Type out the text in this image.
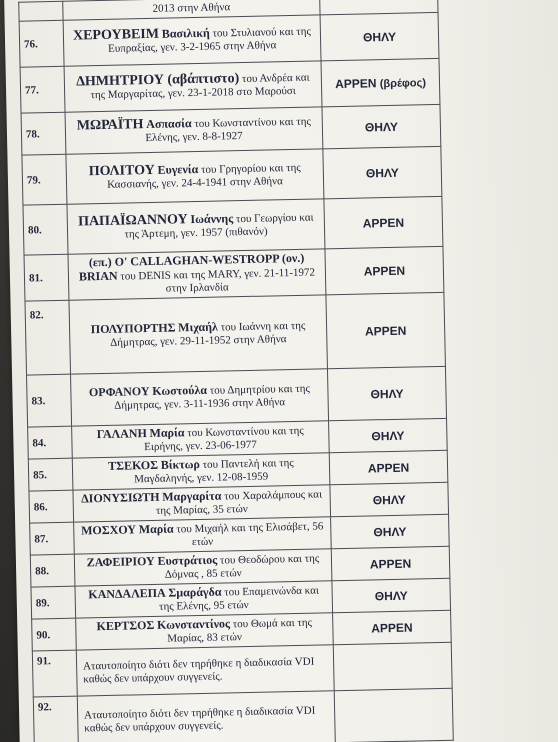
	2013 στην Αθήνα	
76.	ΧΕΡΟΥΒΕΙΜ Βασιλική του Στυλιανού και της Ευπραξίας, γεν. 3-2-1965 στην Αθήνα	ΘΗΛΥ
77.	ΔΗΜΗΤΡΙΟΥ (αβάπτιστο) του Ανδρέα και της Μαργαρίτας, γεν. 23-1-2018 στο Μαρούσι	ΑΡΡΕΝ (βρέφος)
78.	ΜΩΡΑΪΤΗ Ασπασία του Κωνσταντίνου και της Ελένης, γεν. 8-8-1927	ΘΗΛΥ
79.	ΠΟΛΙΤΟΥ Ευγενία του Γρηγορίου και της Κασσιανής, γεν. 24-4-1941 στην Αθήνα	ΘΗΛΥ
80.	ΠΑΠΑΪΩΑΝΝΟΥ Ιωάννης του Γεωργίου και της Άρτεμη, γεν. 1957 (πιθανόν)	ΑΡΡΕΝ
81.	(επ.) Ο' CALLAGHAN-WESTROPP (ον.) BRIAN του DENIS και της MARY, γεν. 21-11-1972 στην Ιρλανδία	ΑΡΡΕΝ
82.	ΠΟΛΥΠΟΡΤΗΣ Μιχαήλ του Ιωάννη και της Δήμητρας, γεν. 29-11-1952 στην Αθήνα	ΑΡΡΕΝ
83.	ΟΡΦΑΝΟΥ Κωστούλα του Δημητρίου και της Δήμητρας, γεν. 3-11-1936 στην Αθήνα	ΘΗΛΥ
84.	ΓΑΛΑΝΗ Μαρία του Κωνσταντίνου και της Ειρήνης, γεν. 23-06-1977	ΘΗΛΥ
85.	ΤΣΕΚΟΣ Βίκτωρ του Παντελή και της Μαγδαληνής, γεν. 12-08-1959	ΑΡΡΕΝ
86.	ΔΙΟΝΥΣΙΩΤΗ Μαργαρίτα του Χαραλάμπους και της Μαρίας, 35 ετών	ΘΗΛΥ
87.	ΜΟΣΧΟΥ Μαρία του Μιχαήλ και της Ελισάβετ, 56 ετών	ΘΗΛΥ
88.	ΖΑΦΕΙΡΙΟΥ Ευστράτιος του Θεοδώρου και της Δόμνας , 85 ετών	ΑΡΡΕΝ
89.	ΚΑΝΔΑΛΕΠΑ Σμαράγδα του Επαμεινώνδα και της Ελένης, 95 ετών	ΘΗΛΥ
90.	ΚΕΡΤΣΟΣ Κωνσταντίνος του Θωμά και της Μαρίας, 83 ετών	ΑΡΡΕΝ
91.	Αταυτοποίητο διότι δεν τηρήθηκε η διαδικασία VDI καθώς δεν υπάρχουν συγγενείς.	
92.	Αταυτοποίητο διότι δεν τηρήθηκε η διαδικασία VDI καθώς δεν υπάρχουν συγγενείς.	
